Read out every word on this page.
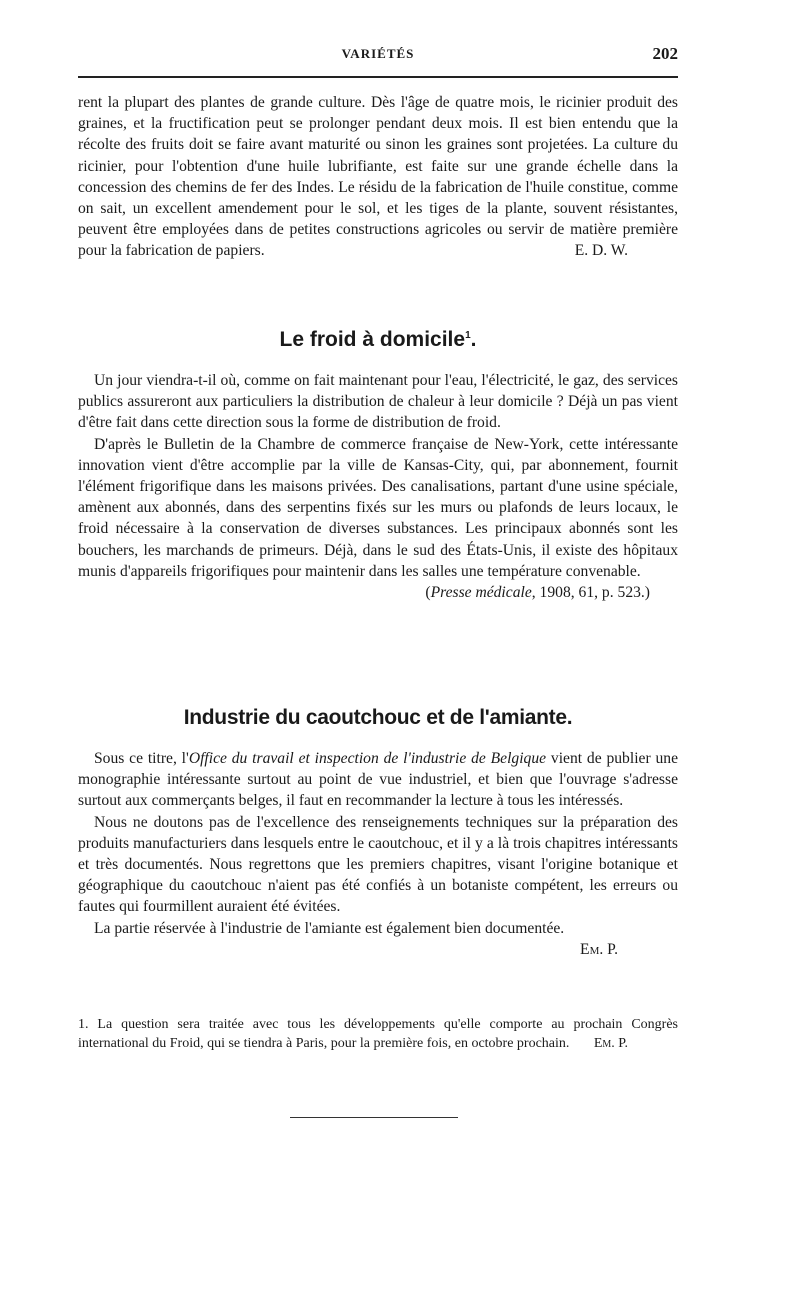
VARIÉTÉS	202

rent la plupart des plantes de grande culture. Dès l'âge de quatre mois, le ricinier produit des graines, et la fructification peut se prolonger pendant deux mois. Il est bien entendu que la récolte des fruits doit se faire avant maturité ou sinon les graines sont projetées. La culture du ricinier, pour l'obtention d'une huile lubrifiante, est faite sur une grande échelle dans la concession des chemins de fer des Indes. Le résidu de la fabrication de l'huile constitue, comme on sait, un excellent amendement pour le sol, et les tiges de la plante, souvent résistantes, peuvent être employées dans de petites constructions agricoles ou servir de matière première pour la fabrication de papiers.	E. D. W.

Le froid à domicile$^1$.

Un jour viendra-t-il où, comme on fait maintenant pour l'eau, l'électricité, le gaz, des services publics assureront aux particuliers la distribution de chaleur à leur domicile ? Déjà un pas vient d'être fait dans cette direction sous la forme de distribution de froid.

D'après le Bulletin de la Chambre de commerce française de New-York, cette intéressante innovation vient d'être accomplie par la ville de Kansas-City, qui, par abonnement, fournit l'élément frigorifique dans les maisons privées. Des canalisations, partant d'une usine spéciale, amènent aux abonnés, dans des serpentins fixés sur les murs ou plafonds de leurs locaux, le froid nécessaire à la conservation de diverses substances. Les principaux abonnés sont les bouchers, les marchands de primeurs. Déjà, dans le sud des États-Unis, il existe des hôpitaux munis d'appareils frigorifiques pour maintenir dans les salles une température convenable.

(Presse médicale, 1908, 61, p. 523.)

Industrie du caoutchouc et de l'amiante.

Sous ce titre, l'Office du travail et inspection de l'industrie de Belgique vient de publier une monographie intéressante surtout au point de vue industriel, et bien que l'ouvrage s'adresse surtout aux commerçants belges, il faut en recommander la lecture à tous les intéressés.

Nous ne doutons pas de l'excellence des renseignements techniques sur la préparation des produits manufacturiers dans lesquels entre le caoutchouc, et il y a là trois chapitres intéressants et très documentés. Nous regrettons que les premiers chapitres, visant l'origine botanique et géographique du caoutchouc n'aient pas été confiés à un botaniste compétent, les erreurs ou fautes qui fourmillent auraient été évitées.

La partie réservée à l'industrie de l'amiante est également bien documentée.

Em. P.

1. La question sera traitée avec tous les développements qu'elle comporte au prochain Congrès international du Froid, qui se tiendra à Paris, pour la première fois, en octobre prochain. Em. P.
